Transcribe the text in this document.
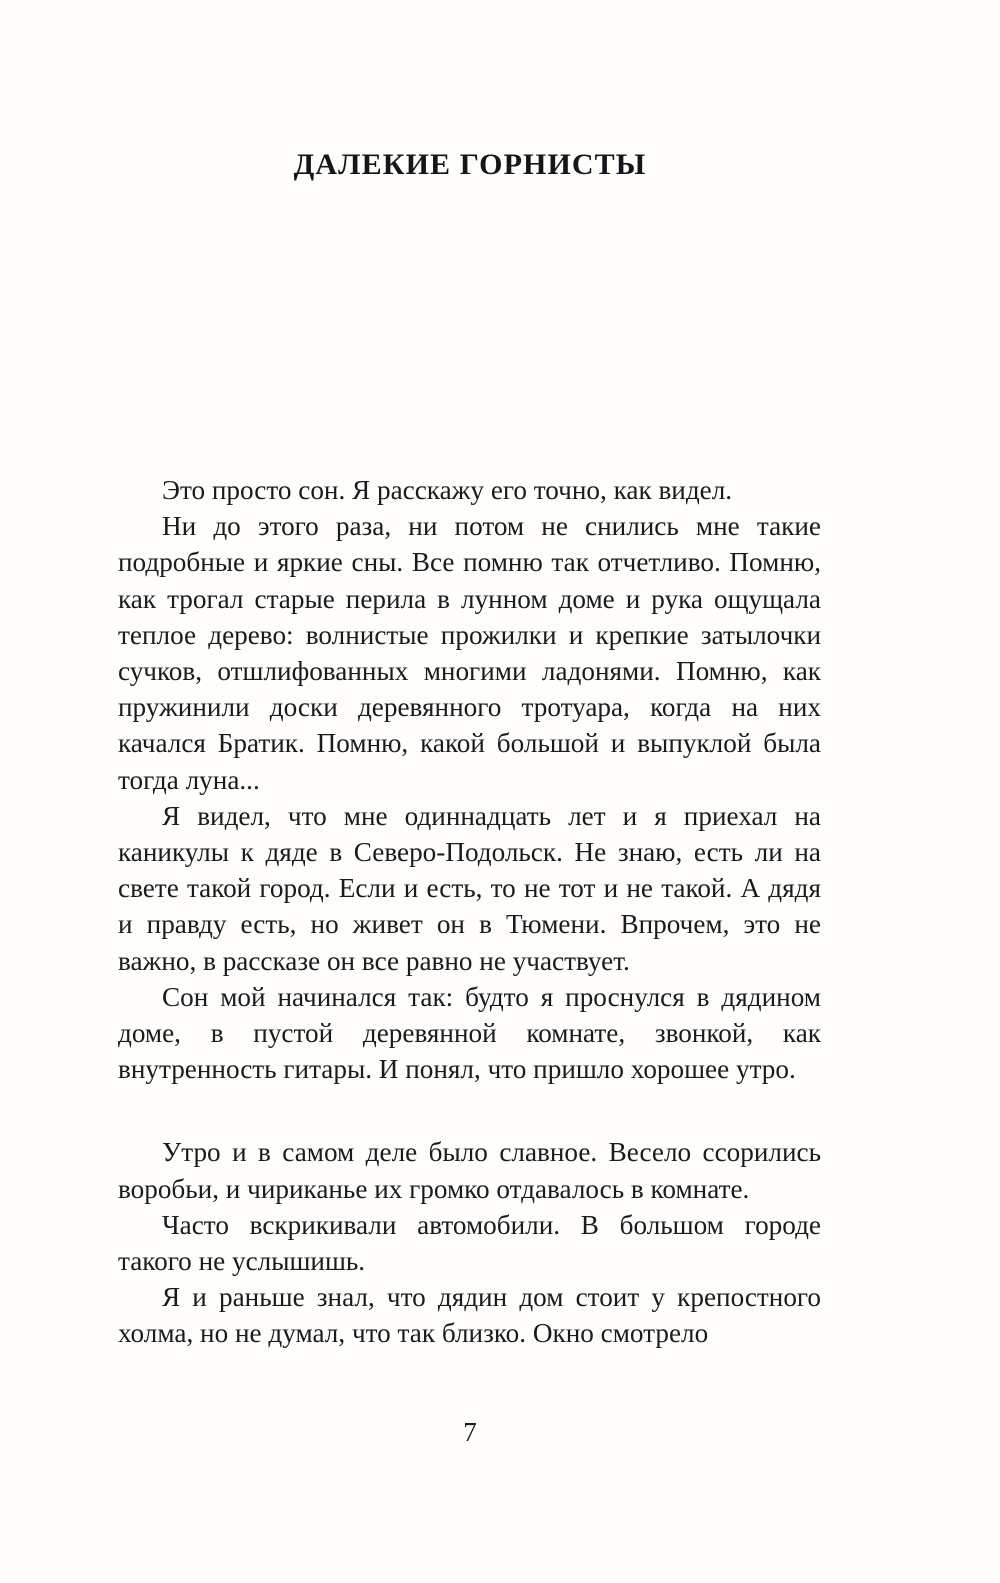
ДАЛЕКИЕ ГОРНИСТЫ

Это просто сон. Я расскажу его точно, как видел.

Ни до этого раза, ни потом не снились мне такие подробные и яркие сны. Все помню так отчетливо. Помню, как трогал старые перила в лунном доме и рука ощущала теплое дерево: волнистые прожилки и крепкие затылочки сучков, отшлифованных многими ладонями. Помню, как пружинили доски деревянного тротуара, когда на них качался Братик. Помню, какой большой и выпуклой была тогда луна...

Я видел, что мне одиннадцать лет и я приехал на каникулы к дяде в Северо-Подольск. Не знаю, есть ли на свете такой город. Если и есть, то не тот и не такой. А дядя и правду есть, но живет он в Тюмени. Впрочем, это не важно, в рассказе он все равно не участвует.

Сон мой начинался так: будто я проснулся в дядином доме, в пустой деревянной комнате, звонкой, как внутренность гитары. И понял, что пришло хорошее утро.

Утро и в самом деле было славное. Весело ссорились воробьи, и чириканье их громко отдавалось в комнате.

Часто вскрикивали автомобили. В большом городе такого не услышишь.

Я и раньше знал, что дядин дом стоит у крепостного холма, но не думал, что так близко. Окно смотрело

7
